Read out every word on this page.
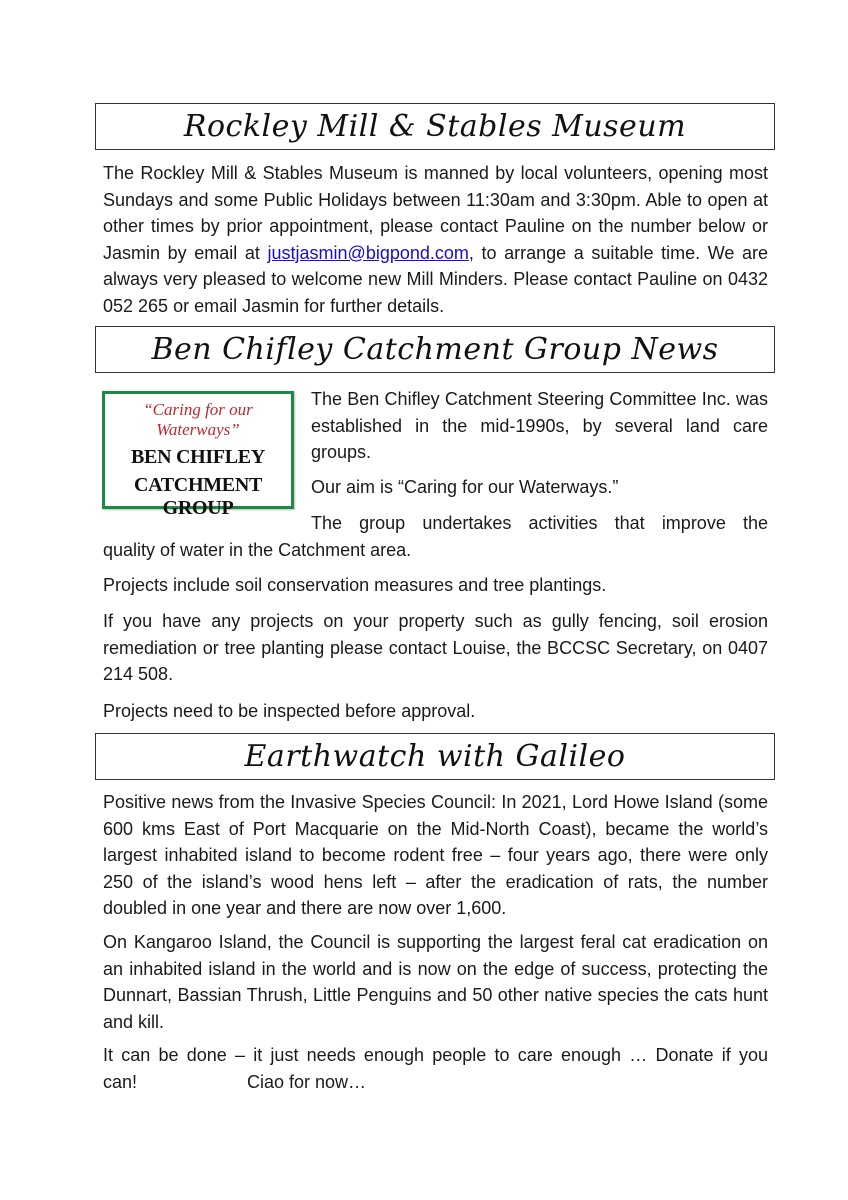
Rockley Mill & Stables Museum

The Rockley Mill & Stables Museum is manned by local volunteers, opening most Sundays and some Public Holidays between 11:30am and 3:30pm. Able to open at other times by prior appointment, please contact Pauline on the number below or Jasmin by email at justjasmin@bigpond.com, to arrange a suitable time. We are always very pleased to welcome new Mill Minders. Please contact Pauline on 0432 052 265 or email Jasmin for further details.

Ben Chifley Catchment Group News
“Caring for our Waterways”
BEN CHIFLEY
CATCHMENT GROUP

The Ben Chifley Catchment Steering Committee Inc. was established in the mid-1990s, by several land care groups.

Our aim is “Caring for our Waterways.”

The group undertakes activities that improve the

quality of water in the Catchment area.

Projects include soil conservation measures and tree plantings.

If you have any projects on your property such as gully fencing, soil erosion remediation or tree planting please contact Louise, the BCCSC Secretary, on 0407 214 508.

Projects need to be inspected before approval.

Earthwatch with Galileo

Positive news from the Invasive Species Council: In 2021, Lord Howe Island (some 600 kms East of Port Macquarie on the Mid-North Coast), became the world’s largest inhabited island to become rodent free – four years ago, there were only 250 of the island’s wood hens left – after the eradication of rats, the number doubled in one year and there are now over 1,600.

On Kangaroo Island, the Council is supporting the largest feral cat eradication on an inhabited island in the world and is now on the edge of success, protecting the Dunnart, Bassian Thrush, Little Penguins and 50 other native species the cats hunt and kill.

It can be done – it just needs enough people to care enough … Donate if you

can!	Ciao for now…
